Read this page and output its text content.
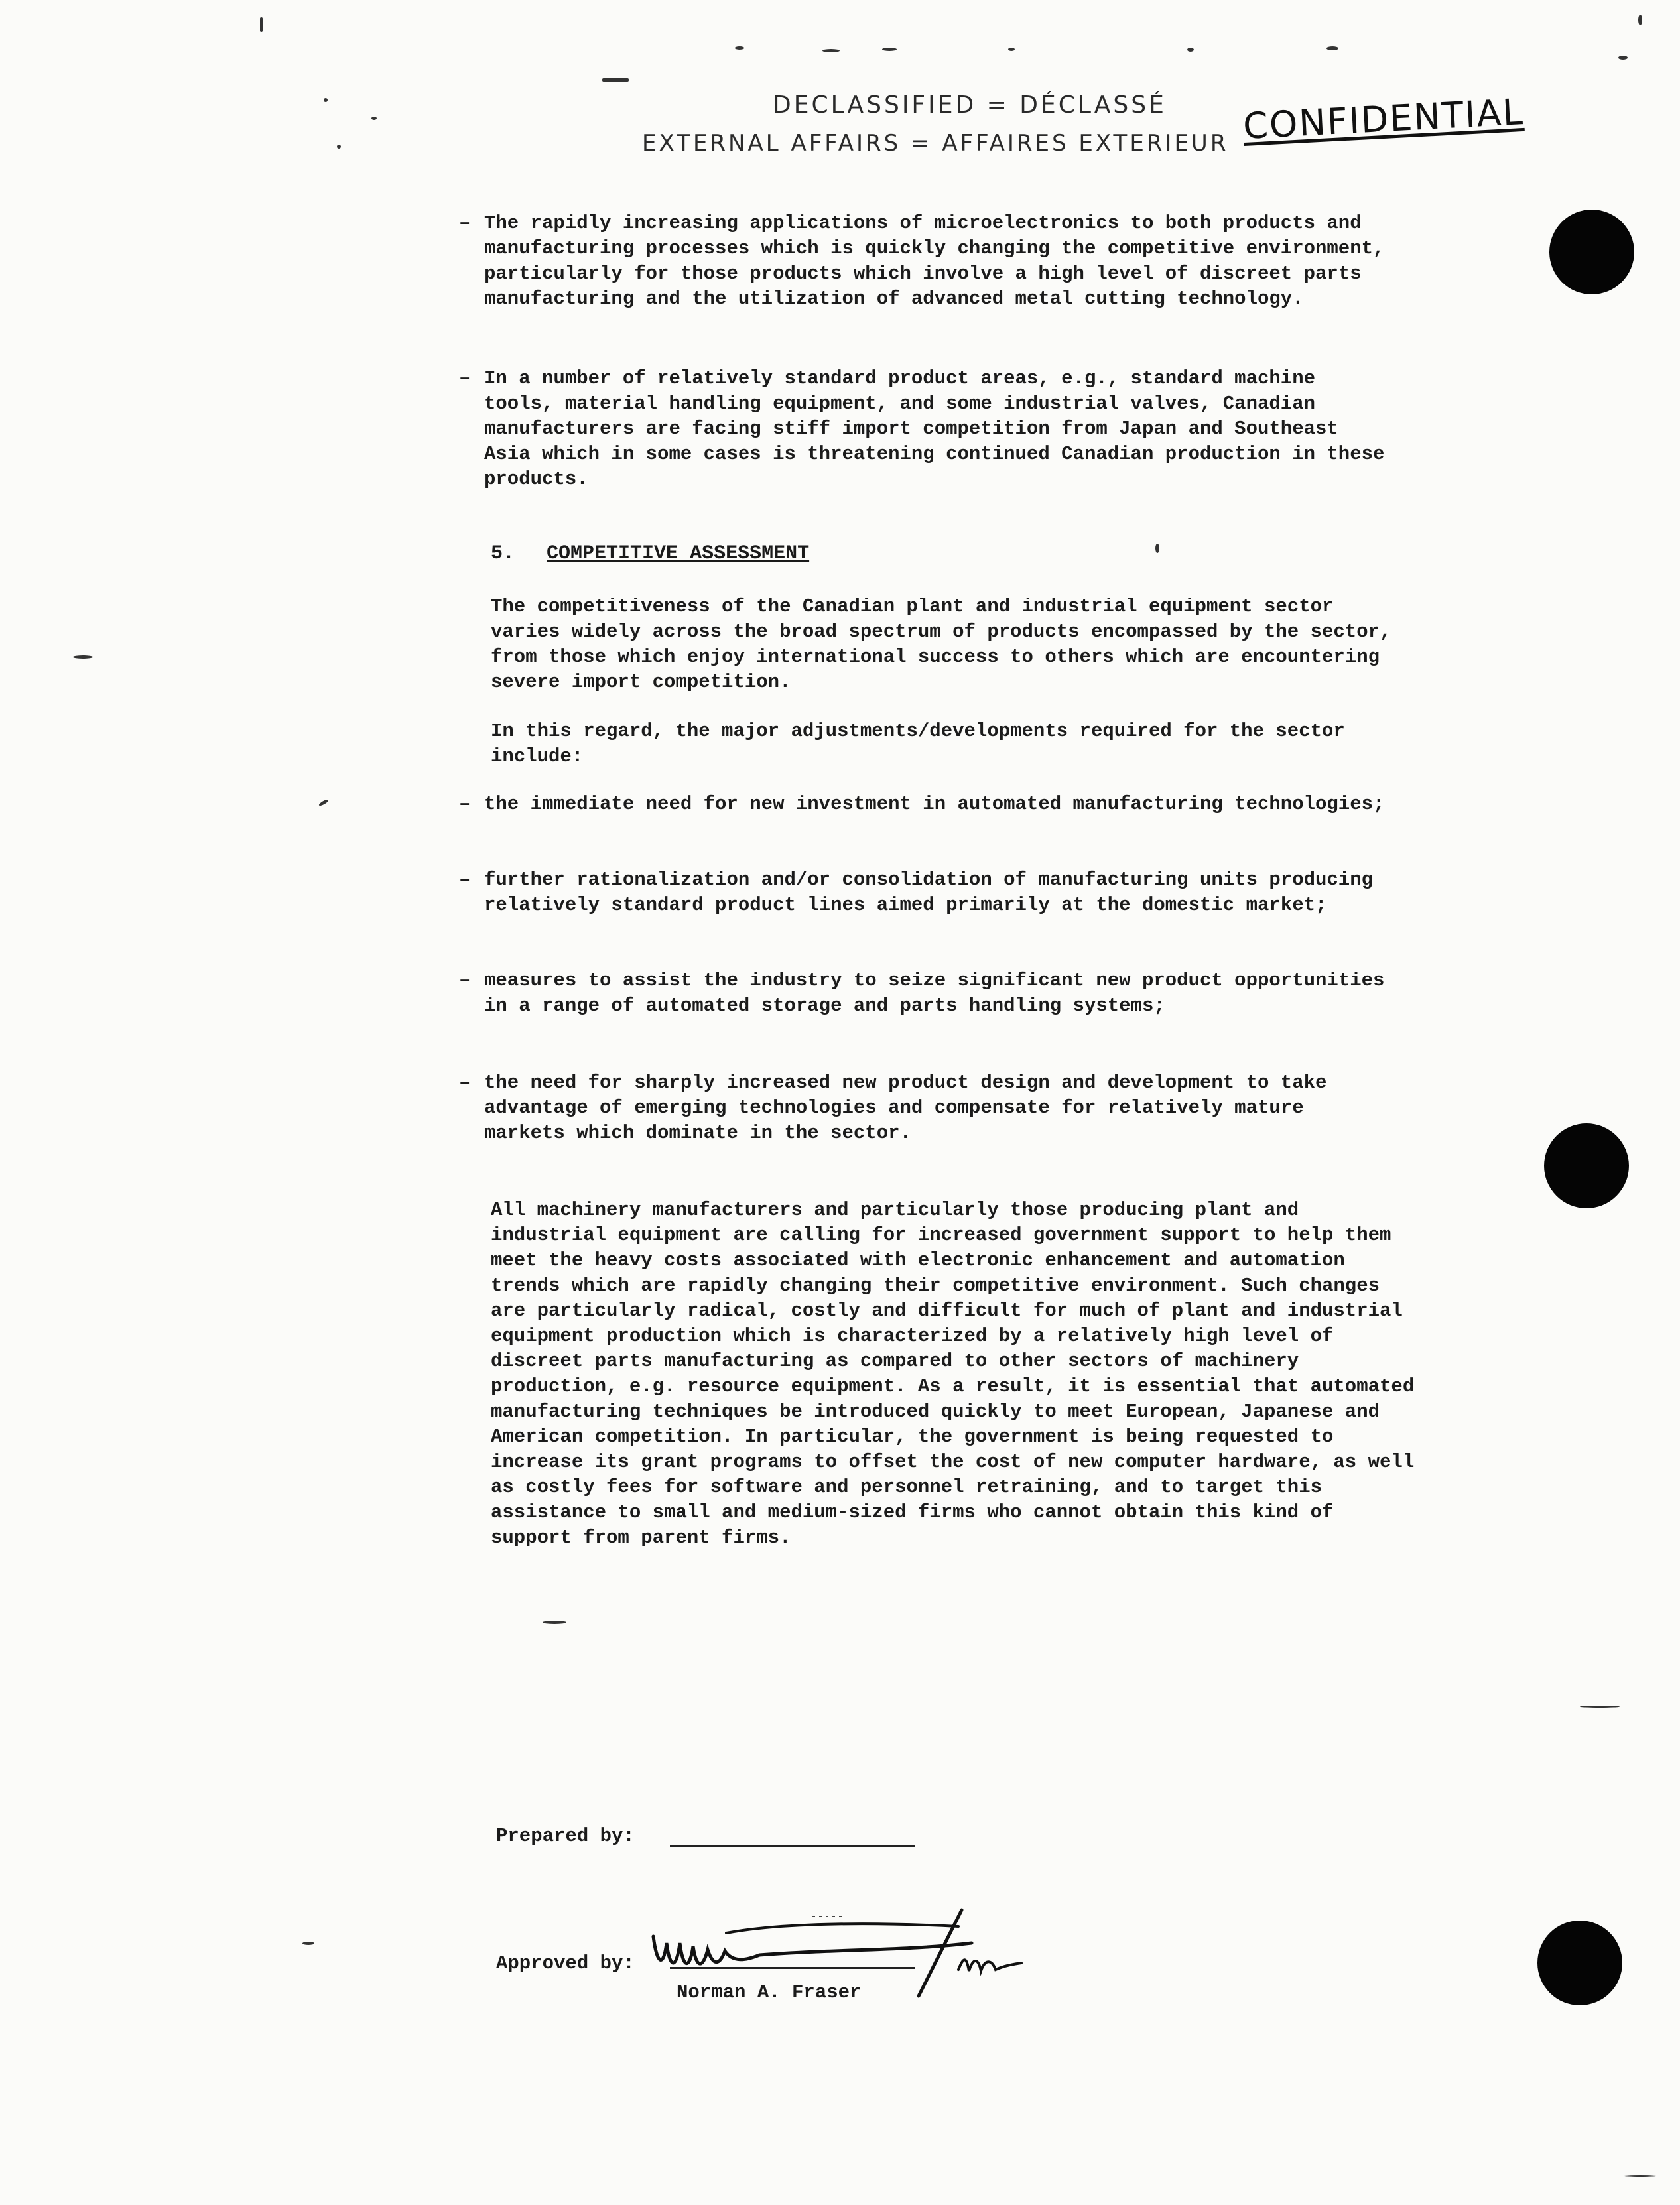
DECLASSIFIED = DÉCLASSÉ
EXTERNAL AFFAIRS = AFFAIRES EXTERIEUR CONFIDENTIAL
– The rapidly increasing applications of microelectronics to both products and manufacturing processes which is quickly changing the competitive environment, particularly for those products which involve a high level of discreet parts manufacturing and the utilization of advanced metal cutting technology.
– In a number of relatively standard product areas, e.g., standard machine tools, material handling equipment, and some industrial valves, Canadian manufacturers are facing stiff import competition from Japan and Southeast Asia which in some cases is threatening continued Canadian production in these products.
5. COMPETITIVE ASSESSMENT
The competitiveness of the Canadian plant and industrial equipment sector varies widely across the broad spectrum of products encompassed by the sector, from those which enjoy international success to others which are encountering severe import competition.
In this regard, the major adjustments/developments required for the sector include:
– the immediate need for new investment in automated manufacturing technologies;
– further rationalization and/or consolidation of manufacturing units producing relatively standard product lines aimed primarily at the domestic market;
– measures to assist the industry to seize significant new product opportunities in a range of automated storage and parts handling systems;
– the need for sharply increased new product design and development to take advantage of emerging technologies and compensate for relatively mature markets which dominate in the sector.
All machinery manufacturers and particularly those producing plant and industrial equipment are calling for increased government support to help them meet the heavy costs associated with electronic enhancement and automation trends which are rapidly changing their competitive environment. Such changes are particularly radical, costly and difficult for much of plant and industrial equipment production which is characterized by a relatively high level of discreet parts manufacturing as compared to other sectors of machinery production, e.g. resource equipment. As a result, it is essential that automated manufacturing techniques be introduced quickly to meet European, Japanese and American competition. In particular, the government is being requested to increase its grant programs to offset the cost of new computer hardware, as well as costly fees for software and personnel retraining, and to target this assistance to small and medium-sized firms who cannot obtain this kind of support from parent firms.
Prepared by:
Approved by:
Norman A. Fraser
